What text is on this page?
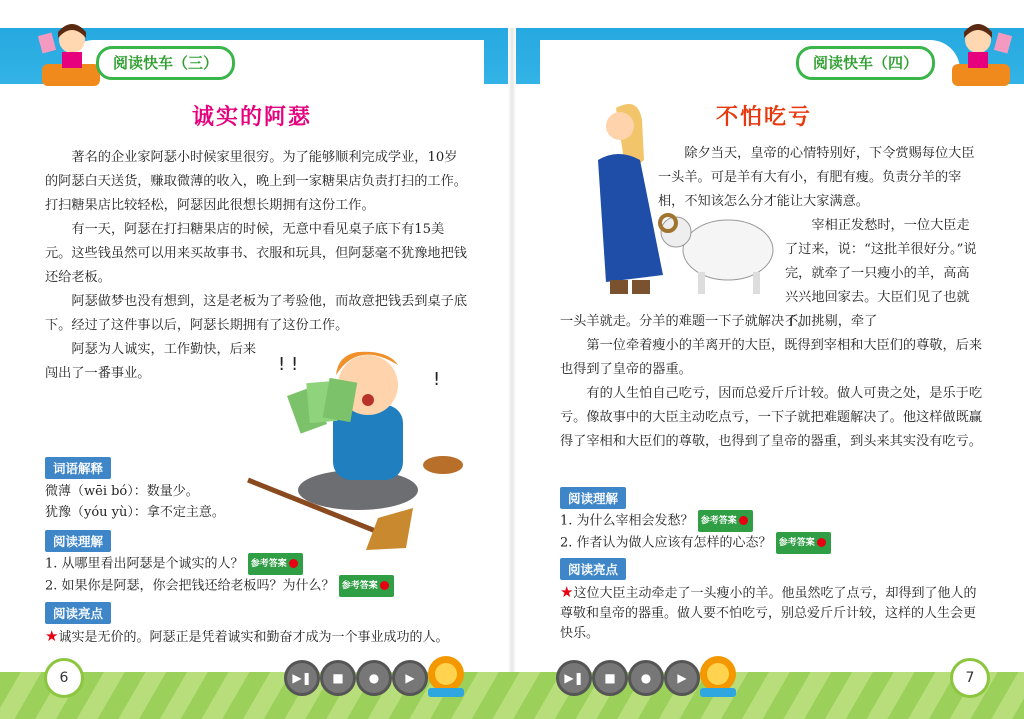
阅读快车（三）	阅读快车（四）
诚实的阿瑟

著名的企业家阿瑟小时候家里很穷。为了能够顺利完成学业，10岁的阿瑟白天送货，赚取微薄的收入，晚上到一家糖果店负责打扫的工作。打扫糖果店比较轻松，阿瑟因此很想长期拥有这份工作。

有一天，阿瑟在打扫糖果店的时候，无意中看见桌子底下有15美元。这些钱虽然可以用来买故事书、衣服和玩具，但阿瑟毫不犹豫地把钱还给老板。

阿瑟做梦也没有想到，这是老板为了考验他，而故意把钱丢到桌子底下。经过了这件事以后，阿瑟长期拥有了这份工作。

阿瑟为人诚实，工作勤快，后来闯出了一番事业。	! !
!
词语解释
微薄（wēi bó）：数量少。
犹豫（yóu yù）：拿不定主意。
阅读理解
1. 从哪里看出阿瑟是个诚实的人？ 参考答案
2. 如果你是阿瑟，你会把钱还给老板吗？为什么？ 参考答案
阅读亮点
★诚实是无价的。阿瑟正是凭着诚实和勤奋才成为一个事业成功的人。
不怕吃亏

除夕当天，皇帝的心情特别好，下令赏赐每位大臣一头羊。可是羊有大有小，有肥有瘦。负责分羊的宰相，不知该怎么分才能让大家满意。

宰相正发愁时，一位大臣走了过来，说：“这批羊很好分。”说完，就牵了一只瘦小的羊，高高兴兴地回家去。大臣们见了也就不加挑剔，牵了

一头羊就走。分羊的难题一下子就解决了。

第一位牵着瘦小的羊离开的大臣，既得到宰相和大臣们的尊敬，后来也得到了皇帝的器重。

有的人生怕自己吃亏，因而总爱斤斤计较。做人可贵之处，是乐于吃亏。像故事中的大臣主动吃点亏，一下子就把难题解决了。他这样做既赢得了宰相和大臣们的尊敬，也得到了皇帝的器重，到头来其实没有吃亏。

阅读理解
1. 为什么宰相会发愁？ 参考答案
2. 作者认为做人应该有怎样的心态？ 参考答案
阅读亮点
★这位大臣主动牵走了一头瘦小的羊。他虽然吃了点亏，却得到了他人的尊敬和皇帝的器重。做人要不怕吃亏，别总爱斤斤计较，这样的人生会更快乐。
6	7
▶❚	■	●	▶	▶❚	■	●	▶
